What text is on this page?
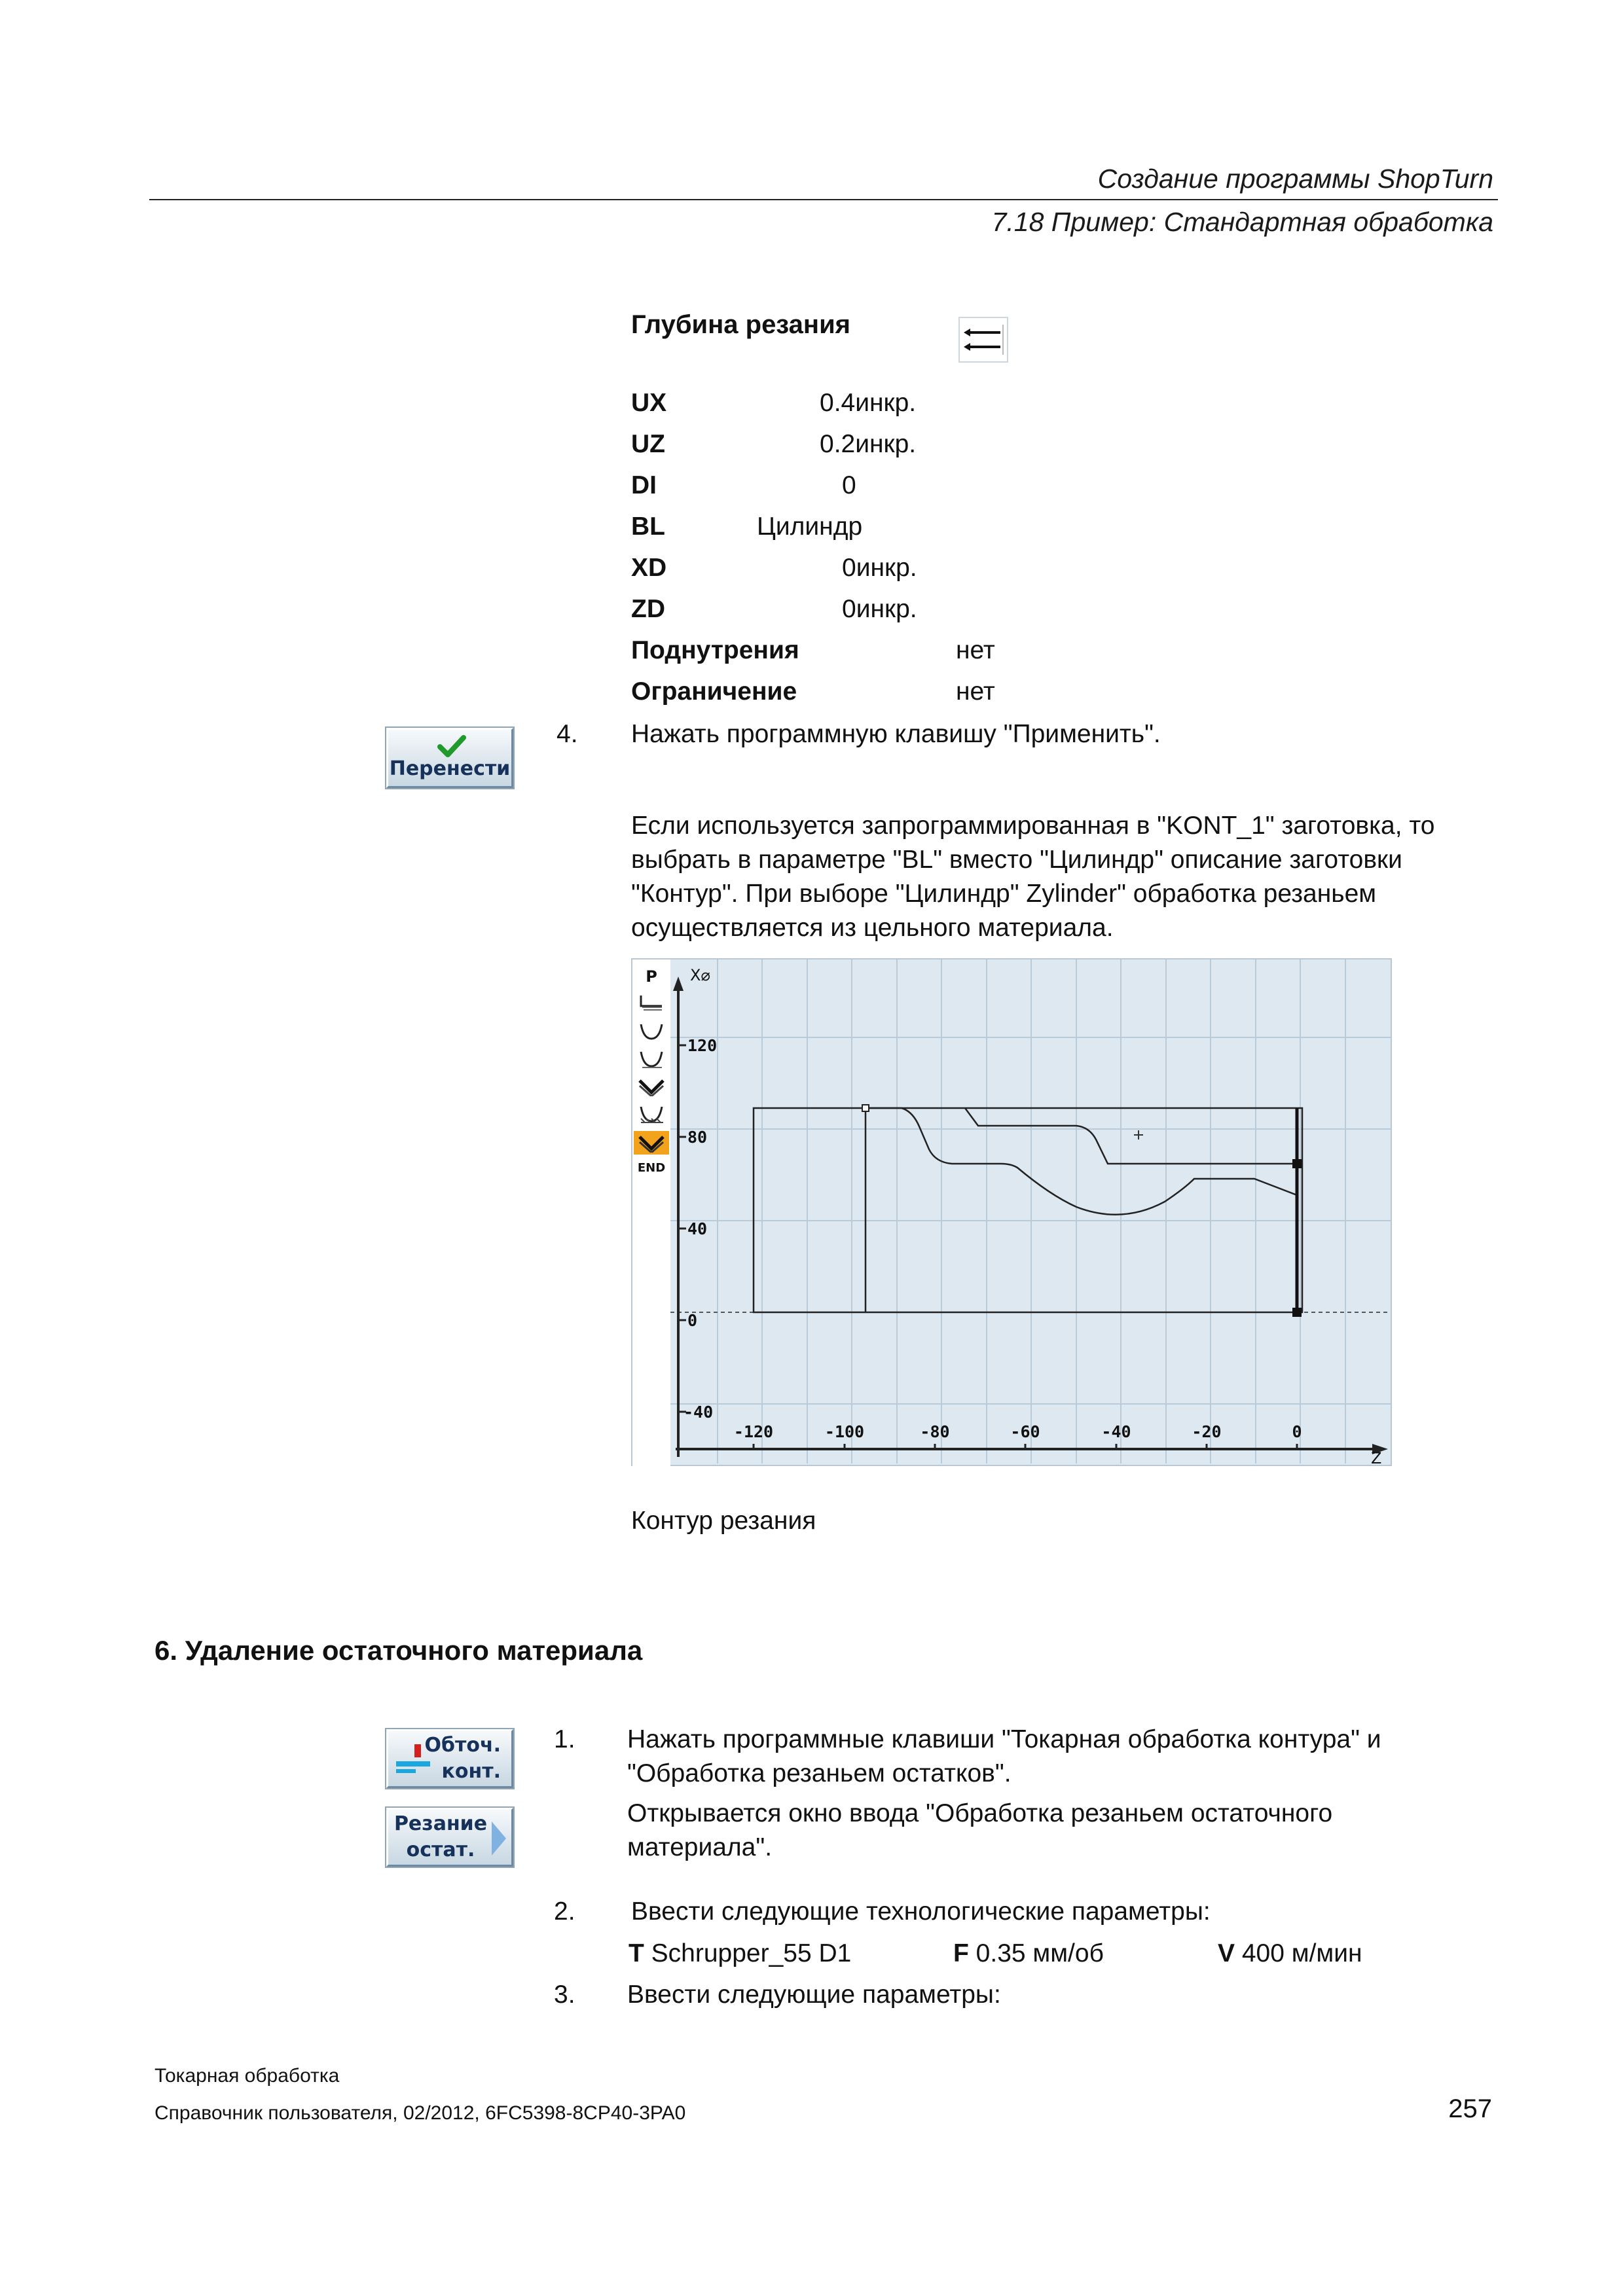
Создание программы ShopTurn
7.18 Пример: Стандартная обработка
Глубина резания
UX	0.4инкр.
UZ	0.2инкр.
DI	0
BL	Цилиндр
XD	0инкр.
ZD	0инкр.
Поднутрения	нет
Ограничение	нет
Перенести
4. Нажать программную клавишу "Применить".
Если используется запрограммированная в "KONT_1" заготовка, то
выбрать в параметре "BL" вместо "Цилиндр" описание заготовки
"Контур". При выборе "Цилиндр" Zylinder" обработка резаньем
осуществляется из цельного материала.
P
END
X⌀
Z
120
80
40
0
-40
-120	-100	-80	-60	-40	-20	0
Контур резания
6. Удаление остаточного материала
Обточ.
конт.
Резание
остат.
1. Нажать программные клавиши "Токарная обработка контура" и
"Обработка резаньем остатков".
Открывается окно ввода "Обработка резаньем остаточного
материала".
2. Ввести следующие технологические параметры:
T Schrupper_55 D1	F 0.35 мм/об	V 400 м/мин
3. Ввести следующие параметры:
Токарная обработка
Справочник пользователя, 02/2012, 6FC5398-8CP40-3PA0	257
